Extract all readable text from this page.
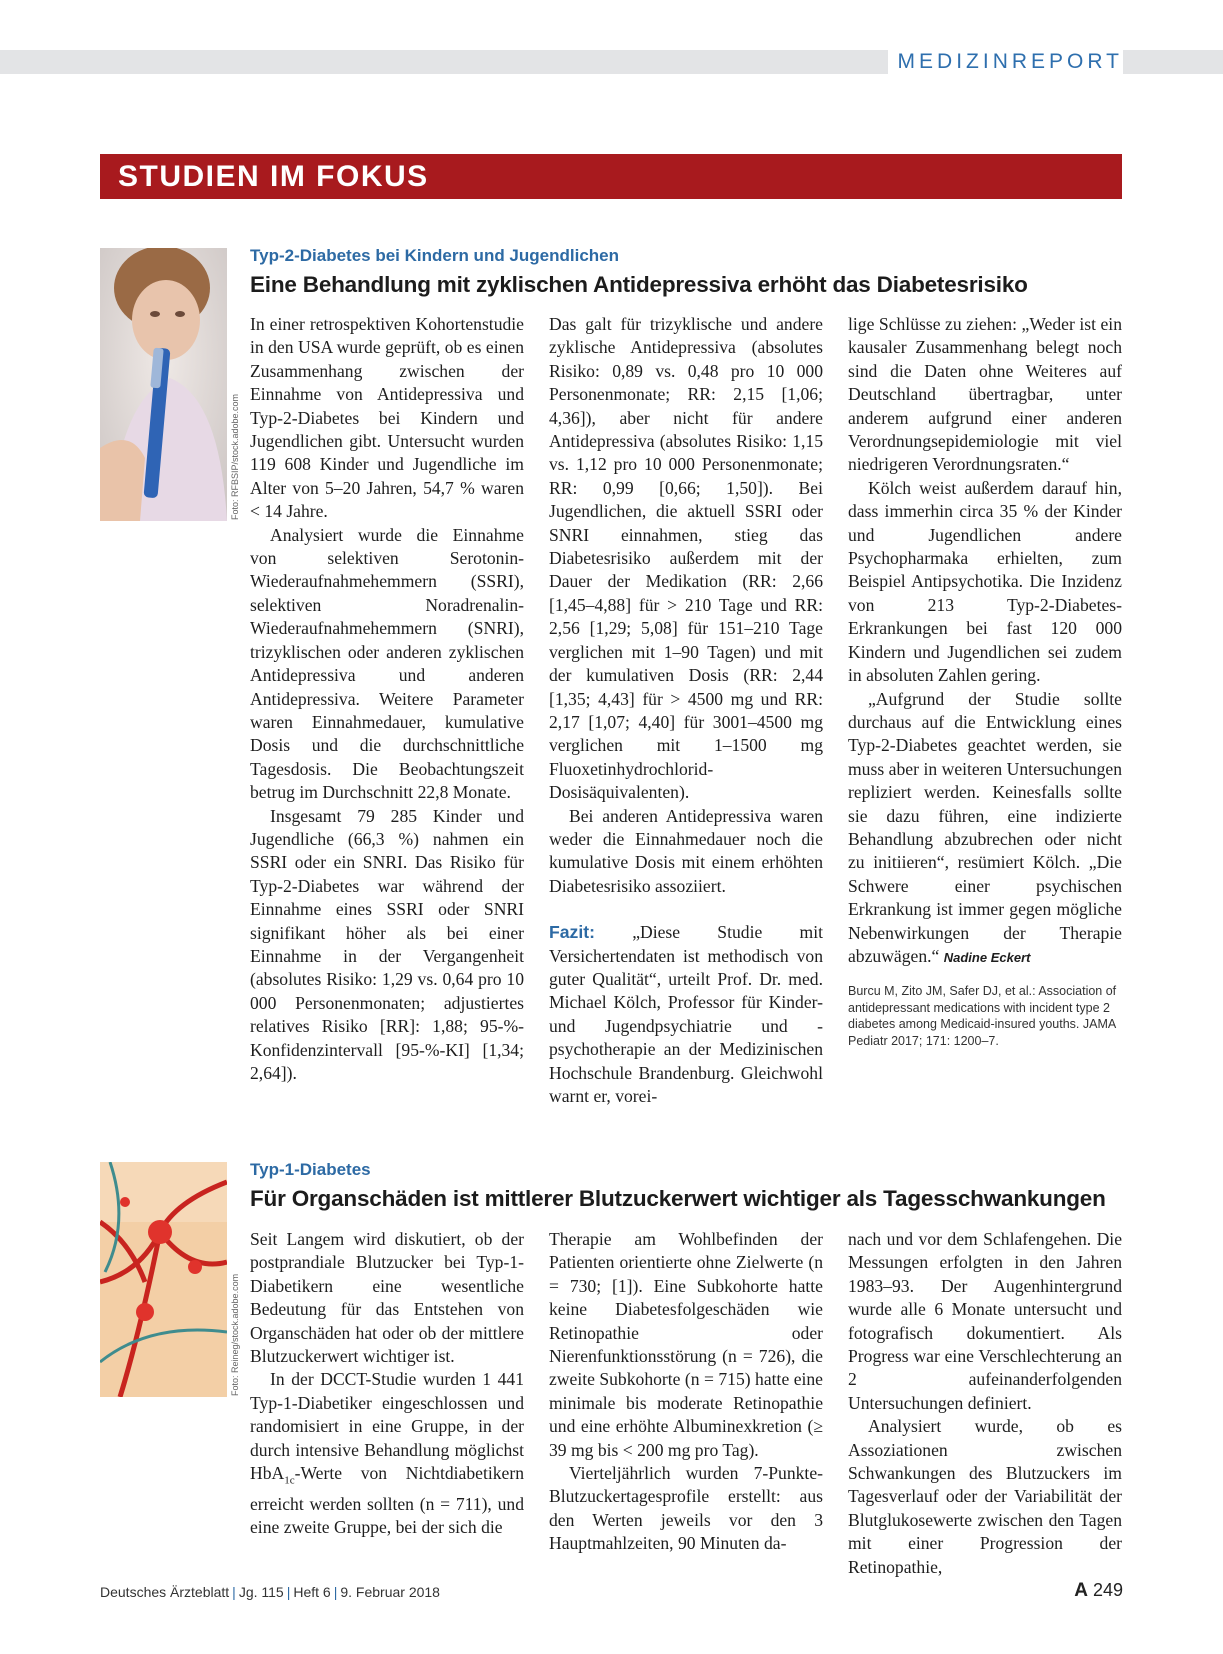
MEDIZINREPORT
STUDIEN IM FOKUS
Foto: RFBSIP/stock.adobe.com
Typ-2-Diabetes bei Kindern und Jugendlichen
Eine Behandlung mit zyklischen Antidepressiva erhöht das Diabetesrisiko

In einer retrospektiven Kohortenstudie in den USA wurde geprüft, ob es einen Zusammenhang zwischen der Einnahme von Antidepressiva und Typ-2-Diabetes bei Kindern und Jugendlichen gibt. Untersucht wurden 119 608 Kinder und Jugendliche im Alter von 5–20 Jahren, 54,7 % waren < 14 Jahre.

Analysiert wurde die Einnahme von selektiven Serotonin-Wiederaufnahmehemmern (SSRI), selektiven Noradrenalin-Wiederaufnahmehemmern (SNRI), trizyklischen oder anderen zyklischen Antidepressiva und anderen Antidepressiva. Weitere Parameter waren Einnahmedauer, kumulative Dosis und die durchschnittliche Tagesdosis. Die Beobachtungszeit betrug im Durchschnitt 22,8 Monate.

Insgesamt 79 285 Kinder und Jugendliche (66,3 %) nahmen ein SSRI oder ein SNRI. Das Risiko für Typ-2-Diabetes war während der Einnahme eines SSRI oder SNRI signifikant höher als bei einer Einnahme in der Vergangenheit (absolutes Risiko: 1,29 vs. 0,64 pro 10 000 Personenmonaten; adjustiertes relatives Risiko [RR]: 1,88; 95-%-Konfidenzintervall [95-%-KI] [1,34; 2,64]).

Das galt für trizyklische und andere zyklische Antidepressiva (absolutes Risiko: 0,89 vs. 0,48 pro 10 000 Personenmonate; RR: 2,15 [1,06; 4,36]), aber nicht für andere Antidepressiva (absolutes Risiko: 1,15 vs. 1,12 pro 10 000 Personenmonate; RR: 0,99 [0,66; 1,50]). Bei Jugendlichen, die aktuell SSRI oder SNRI einnahmen, stieg das Diabetesrisiko außerdem mit der Dauer der Medikation (RR: 2,66 [1,45–4,88] für > 210 Tage und RR: 2,56 [1,29; 5,08] für 151–210 Tage verglichen mit 1–90 Tagen) und mit der kumulativen Dosis (RR: 2,44 [1,35; 4,43] für > 4500 mg und RR: 2,17 [1,07; 4,40] für 3001–4500 mg verglichen mit 1–1500 mg Fluoxetinhydrochlorid-Dosisäquivalenten).

Bei anderen Antidepressiva waren weder die Einnahmedauer noch die kumulative Dosis mit einem erhöhten Diabetesrisiko assoziiert.

Fazit: „Diese Studie mit Versichertendaten ist methodisch von guter Qualität“, urteilt Prof. Dr. med. Michael Kölch, Professor für Kinder- und Jugendpsychiatrie und -psychotherapie an der Medizinischen Hochschule Brandenburg. Gleichwohl warnt er, vorei-

lige Schlüsse zu ziehen: „Weder ist ein kausaler Zusammenhang belegt noch sind die Daten ohne Weiteres auf Deutschland übertragbar, unter anderem aufgrund einer anderen Verordnungsepidemiologie mit viel niedrigeren Verordnungsraten.“

Kölch weist außerdem darauf hin, dass immerhin circa 35 % der Kinder und Jugendlichen andere Psychopharmaka erhielten, zum Beispiel Antipsychotika. Die Inzidenz von 213 Typ-2-Diabetes-Erkrankungen bei fast 120 000 Kindern und Jugendlichen sei zudem in absoluten Zahlen gering.

„Aufgrund der Studie sollte durchaus auf die Entwicklung eines Typ-2-Diabetes geachtet werden, sie muss aber in weiteren Untersuchungen repliziert werden. Keinesfalls sollte sie dazu führen, eine indizierte Behandlung abzubrechen oder nicht zu initiieren“, resümiert Kölch. „Die Schwere einer psychischen Erkrankung ist immer gegen mögliche Nebenwirkungen der Therapie abzuwägen.“ Nadine Eckert

Burcu M, Zito JM, Safer DJ, et al.: Association of antidepressant medications with incident type 2 diabetes among Medicaid-insured youths. JAMA Pediatr 2017; 171: 1200–7.

Foto: Reineg/stock.adobe.com
Typ-1-Diabetes
Für Organschäden ist mittlerer Blutzuckerwert wichtiger als Tagesschwankungen

Seit Langem wird diskutiert, ob der postprandiale Blutzucker bei Typ-1-Diabetikern eine wesentliche Bedeutung für das Entstehen von Organschäden hat oder ob der mittlere Blutzuckerwert wichtiger ist.

In der DCCT-Studie wurden 1 441 Typ-1-Diabetiker eingeschlossen und randomisiert in eine Gruppe, in der durch intensive Behandlung möglichst HbA$_{1c}$-Werte von Nichtdiabetikern erreicht werden sollten (n = 711), und eine zweite Gruppe, bei der sich die

Therapie am Wohlbefinden der Patienten orientierte ohne Zielwerte (n = 730; [1]). Eine Subkohorte hatte keine Diabetesfolgeschäden wie Retinopathie oder Nierenfunktionsstörung (n = 726), die zweite Subkohorte (n = 715) hatte eine minimale bis moderate Retinopathie und eine erhöhte Albuminexkretion (≥ 39 mg bis < 200 mg pro Tag).

Vierteljährlich wurden 7-Punkte-Blutzuckertagesprofile erstellt: aus den Werten jeweils vor den 3 Hauptmahlzeiten, 90 Minuten da-

nach und vor dem Schlafengehen. Die Messungen erfolgten in den Jahren 1983–93. Der Augenhintergrund wurde alle 6 Monate untersucht und fotografisch dokumentiert. Als Progress war eine Verschlechterung an 2 aufeinanderfolgenden Untersuchungen definiert.

Analysiert wurde, ob es Assoziationen zwischen Schwankungen des Blutzuckers im Tagesverlauf oder der Variabilität der Blutglukosewerte zwischen den Tagen mit einer Progression der Retinopathie,

Deutsches Ärzteblatt | Jg. 115 | Heft 6 | 9. Februar 2018	A 249
